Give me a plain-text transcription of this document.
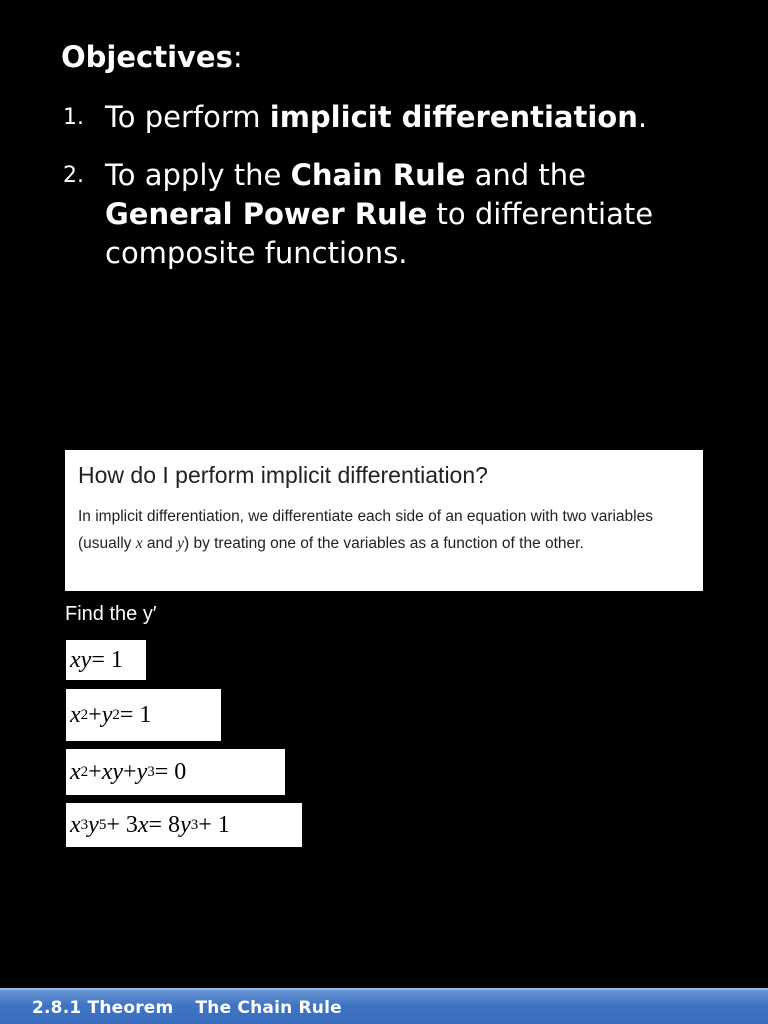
Objectives:
1. To perform implicit differentiation.
2. To apply the Chain Rule and the General Power Rule to differentiate composite functions.
How do I perform implicit differentiation?

In implicit differentiation, we differentiate each side of an equation with two variables (usually x and y) by treating one of the variables as a function of the other.

Find the y′
xy = 1
x 2 + y 2 = 1
x 2 + xy + y 3 = 0
x 3 y 5 + 3 x = 8 y 3 + 1
2.8.1 Theorem The Chain Rule
